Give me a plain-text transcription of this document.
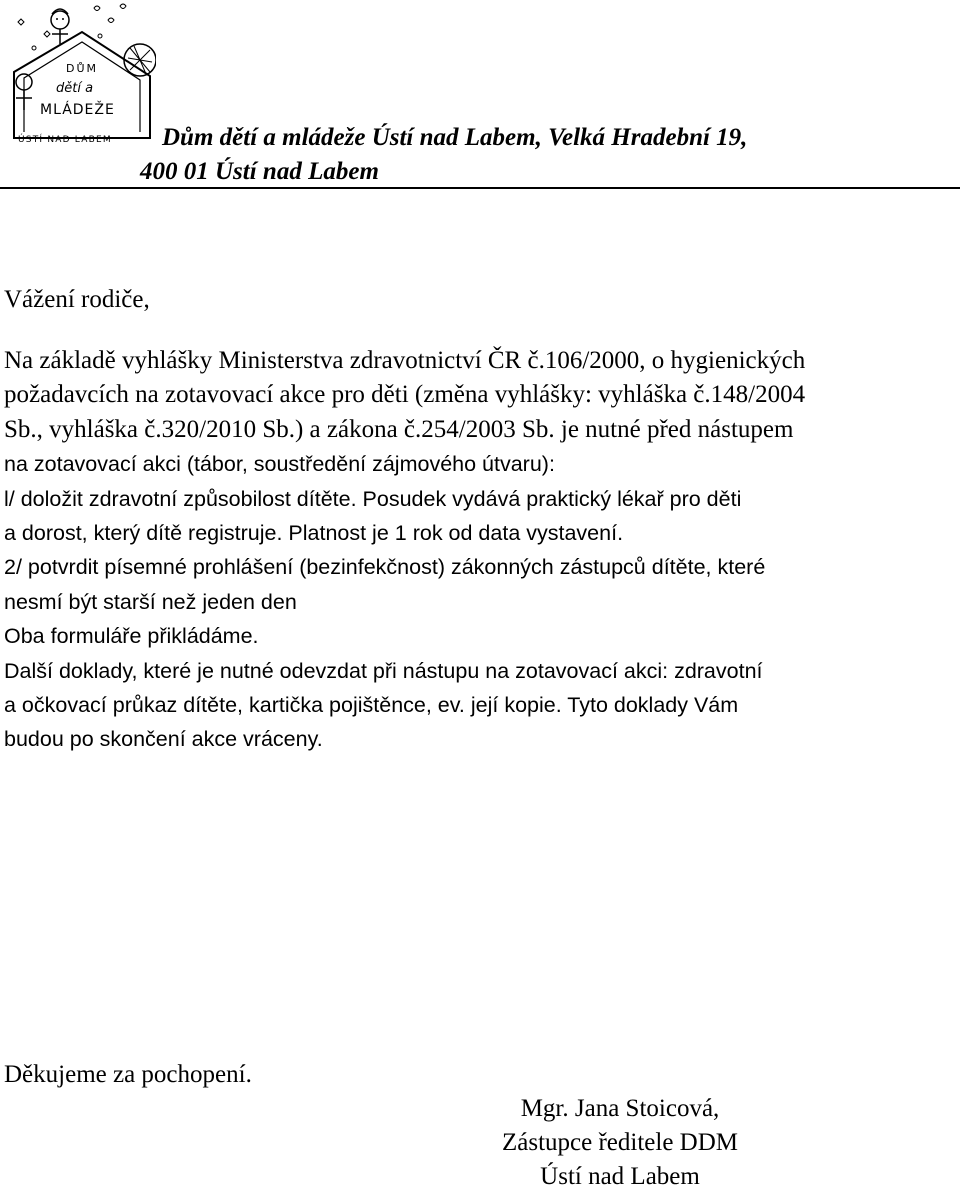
DŮM
dětí a
MLÁDEŽE
ÚSTÍ NAD LABEM	Dům dětí a mládeže Ústí nad Labem, Velká Hradební 19,
400 01 Ústí nad Labem
Vážení rodiče,

Na základě vyhlášky Ministerstva zdravotnictví ČR č.106/2000, o hygienických

požadavcích na zotavovací akce pro děti (změna vyhlášky: vyhláška č.148/2004

Sb., vyhláška č.320/2010 Sb.) a zákona č.254/2003 Sb. je nutné před nástupem

na zotavovací akci (tábor, soustředění zájmového útvaru):

l/ doložit zdravotní způsobilost dítěte. Posudek vydává praktický lékař pro děti

a dorost, který dítě registruje. Platnost je 1 rok od data vystavení.

2/ potvrdit písemné prohlášení (bezinfekčnost) zákonných zástupců dítěte, které

nesmí být starší než jeden den

Oba formuláře přikládáme.

Další doklady, které je nutné odevzdat při nástupu na zotavovací akci: zdravotní

a očkovací průkaz dítěte, kartička pojištěnce, ev. její kopie. Tyto doklady Vám

budou po skončení akce vráceny.

Děkujeme za pochopení.
Mgr. Jana Stoicová,
Zástupce ředitele DDM
Ústí nad Labem
